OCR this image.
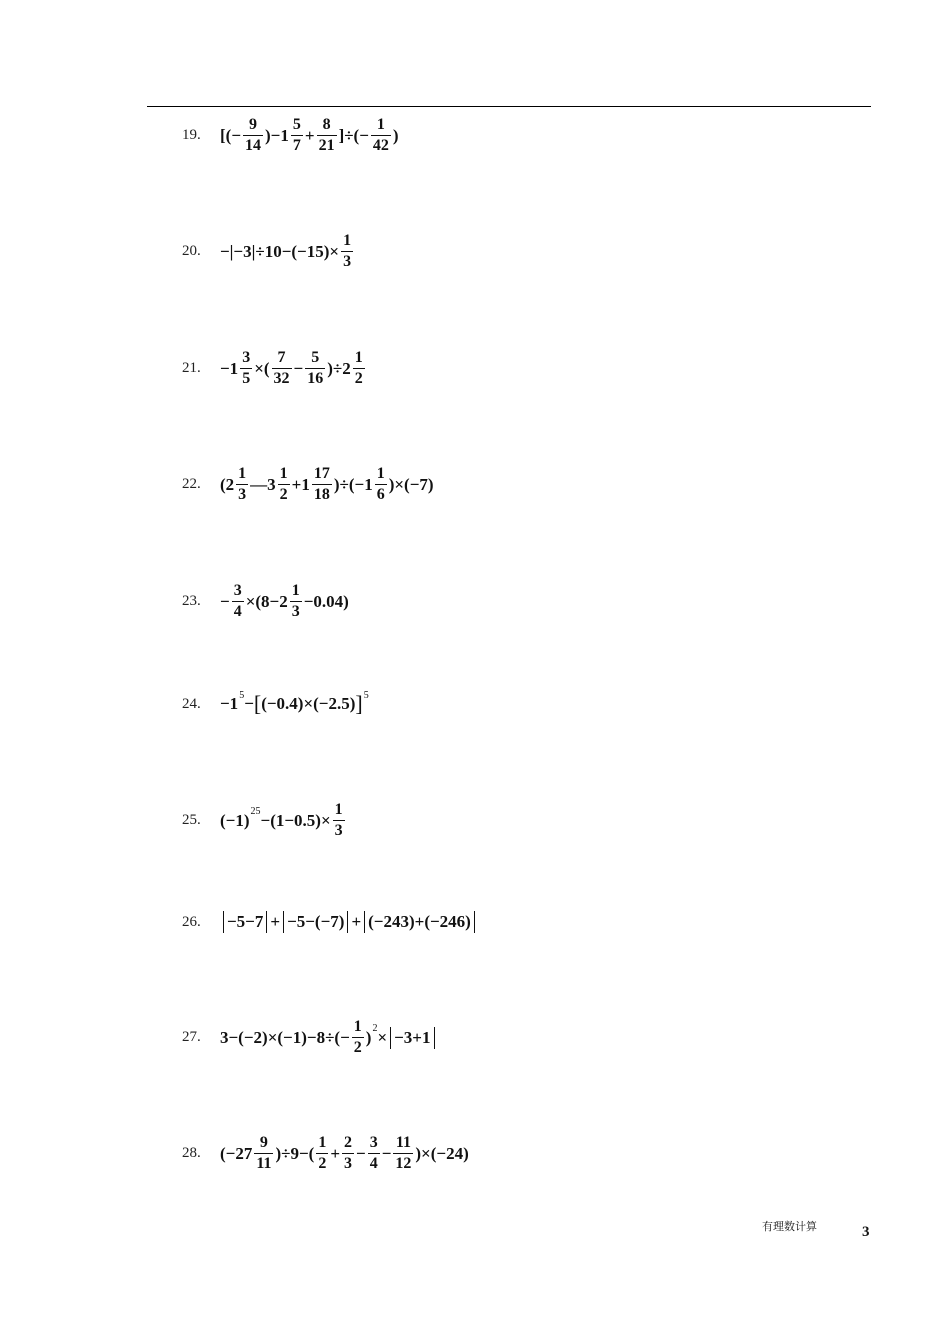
19.	[(− $\frac{9}{14} )-1 \frac{5}{7} + \frac{8}{21}$ ]÷(− $\frac{1}{42}$ )
20.	$-|-3|\div 10-(-15)\times \frac{1}{3}$
21.	$-1 \frac{3}{5}$ ×( $\frac{7}{32} - \frac{5}{16} )\div 2 \frac{1}{2}$
22.	($2 \frac{1}{3}$ —3 $\frac{1}{2} +1 \frac{17}{18} )\div(-1 \frac{1}{6} )\times(-7)$
23.	− $\frac{3}{4} \times(8-2 \frac{1}{3} -0.04)$
24.	−1 5 − [ (−0.4)×(−2.5) ] 5
25.	(−1) $25 -(1-0.5)\times \frac{1}{3}$
26.	−5−7 + −5−(−7) + (−243)+(−246)
27.	$3-(-2)\times(-1)-8\div(- \frac{1}{2}$ ) 2 × −3+1
28.	$(-27 \frac{9}{11} )\div 9-( \frac{1}{2} + \frac{2}{3} - \frac{3}{4} - \frac{11}{12} )\times(-24)$
有理数计算	3
